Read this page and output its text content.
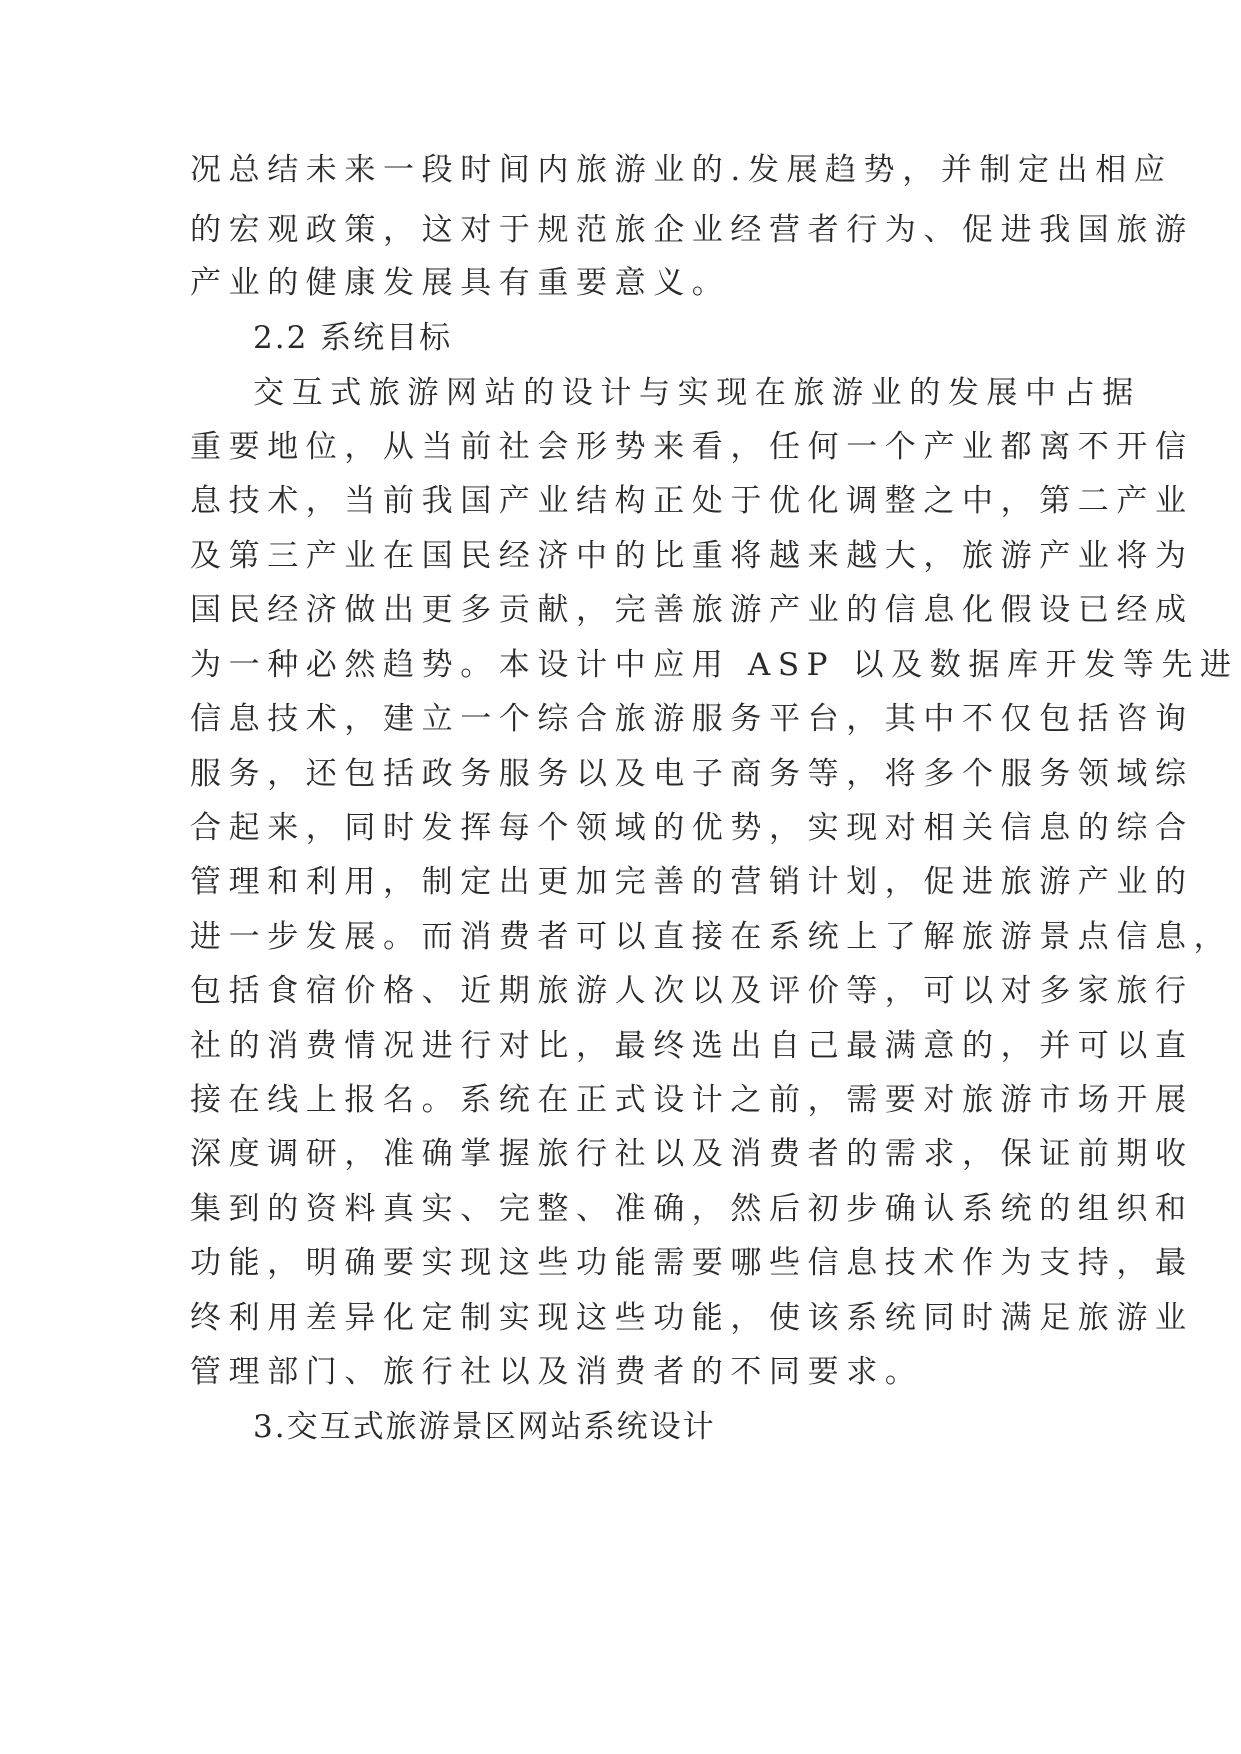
况总结未来一段时间内旅游业的.发展趋势，并制定出相应
的宏观政策，这对于规范旅企业经营者行为、促进我国旅游
产业的健康发展具有重要意义。
2.2 系统目标
交互式旅游网站的设计与实现在旅游业的发展中占据
重要地位，从当前社会形势来看，任何一个产业都离不开信
息技术，当前我国产业结构正处于优化调整之中，第二产业
及第三产业在国民经济中的比重将越来越大，旅游产业将为
国民经济做出更多贡献，完善旅游产业的信息化假设已经成
为一种必然趋势。本设计中应用 ASP 以及数据库开发等先进
信息技术，建立一个综合旅游服务平台，其中不仅包括咨询
服务，还包括政务服务以及电子商务等，将多个服务领域综
合起来，同时发挥每个领域的优势，实现对相关信息的综合
管理和利用，制定出更加完善的营销计划，促进旅游产业的
进一步发展。而消费者可以直接在系统上了解旅游景点信息，
包括食宿价格、近期旅游人次以及评价等，可以对多家旅行
社的消费情况进行对比，最终选出自己最满意的，并可以直
接在线上报名。系统在正式设计之前，需要对旅游市场开展
深度调研，准确掌握旅行社以及消费者的需求，保证前期收
集到的资料真实、完整、准确，然后初步确认系统的组织和
功能，明确要实现这些功能需要哪些信息技术作为支持，最
终利用差异化定制实现这些功能，使该系统同时满足旅游业
管理部门、旅行社以及消费者的不同要求。
3.交互式旅游景区网站系统设计
